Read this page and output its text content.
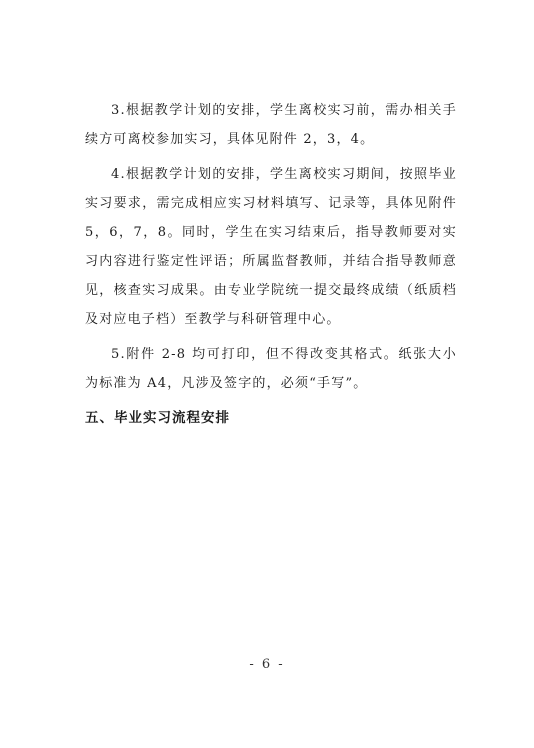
3.根据教学计划的安排，学生离校实习前，需办相关手续方可离校参加实习，具体见附件 2，3，4。

4.根据教学计划的安排，学生离校实习期间，按照毕业实习要求，需完成相应实习材料填写、记录等，具体见附件 5，6，7，8。同时，学生在实习结束后，指导教师要对实习内容进行鉴定性评语；所属监督教师，并结合指导教师意见，核查实习成果。由专业学院统一提交最终成绩（纸质档及对应电子档）至教学与科研管理中心。

5.附件 2-8 均可打印，但不得改变其格式。纸张大小为标准为 A4，凡涉及签字的，必须“手写”。

五、毕业实习流程安排

- 6 -
